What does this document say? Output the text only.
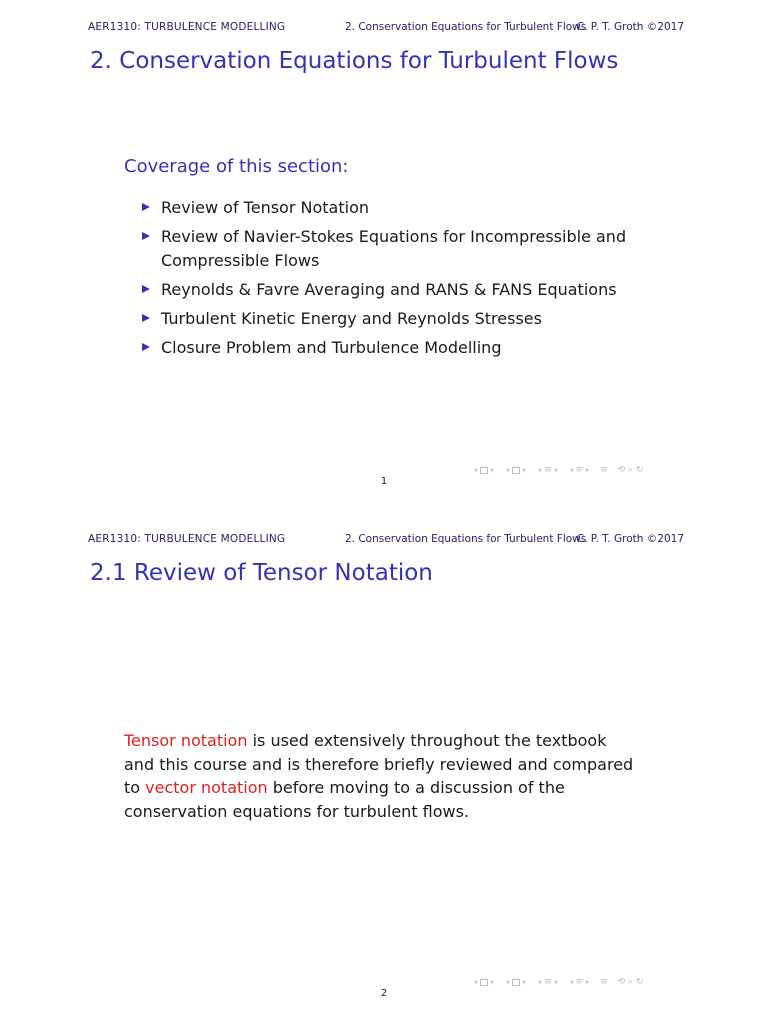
AER1310: TURBULENCE MODELLING	2. Conservation Equations for Turbulent Flows
C. P. T. Groth ©2017
2. Conservation Equations for Turbulent Flows
Coverage of this section:
Review of Tensor Notation
Review of Navier-Stokes Equations for Incompressible and Compressible Flows
Reynolds & Favre Averaging and RANS & FANS Equations
Turbulent Kinetic Energy and Reynolds Stresses
Closure Problem and Turbulence Modelling
≡	≡ ≡ ⟲ ⌕ ↻
1
AER1310: TURBULENCE MODELLING	2. Conservation Equations for Turbulent Flows
C. P. T. Groth ©2017
2.1 Review of Tensor Notation
Tensor notation is used extensively throughout the textbook and this course and is therefore briefly reviewed and compared to vector notation before moving to a discussion of the conservation equations for turbulent flows.
≡	≡ ≡ ⟲ ⌕ ↻
2
